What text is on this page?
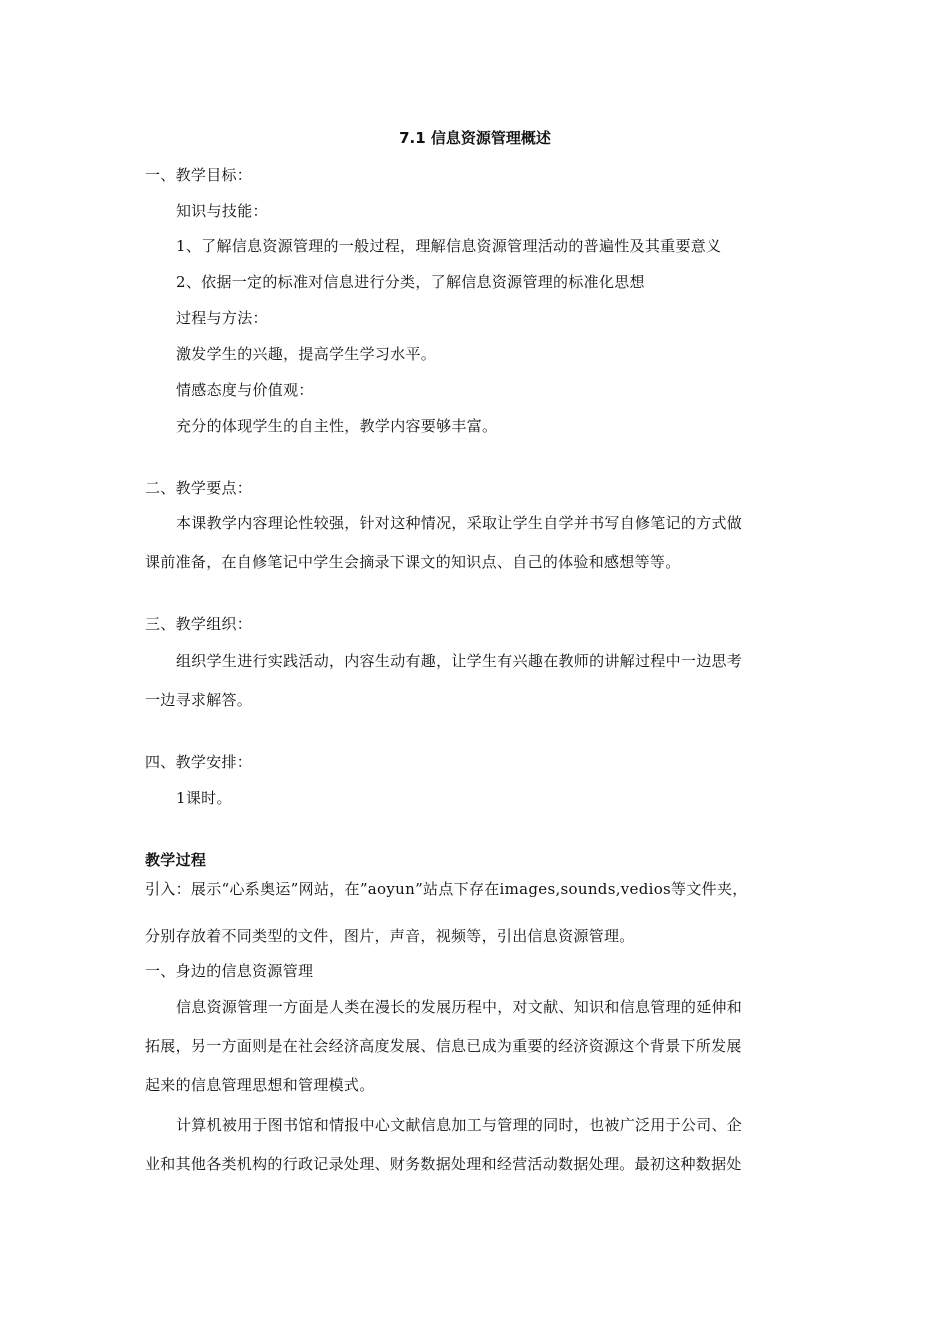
7.1 信息资源管理概述
一、教学目标：
知识与技能：
1、了解信息资源管理的一般过程，理解信息资源管理活动的普遍性及其重要意义
2、依据一定的标准对信息进行分类，了解信息资源管理的标准化思想
过程与方法：
激发学生的兴趣，提高学生学习水平。
情感态度与价值观：
充分的体现学生的自主性，教学内容要够丰富。
二、教学要点：
本课教学内容理论性较强，针对这种情况，采取让学生自学并书写自修笔记的方式做
课前准备，在自修笔记中学生会摘录下课文的知识点、自己的体验和感想等等。
三、教学组织：
组织学生进行实践活动，内容生动有趣，让学生有兴趣在教师的讲解过程中一边思考
一边寻求解答。
四、教学安排：
1课时。
教学过程
引入：展示“心系奥运”网站，在”aoyun”站点下存在images,sounds,vedios等文件夹，
分别存放着不同类型的文件，图片，声音，视频等，引出信息资源管理。
一、身边的信息资源管理
信息资源管理一方面是人类在漫长的发展历程中，对文献、知识和信息管理的延伸和
拓展，另一方面则是在社会经济高度发展、信息已成为重要的经济资源这个背景下所发展
起来的信息管理思想和管理模式。
计算机被用于图书馆和情报中心文献信息加工与管理的同时，也被广泛用于公司、企
业和其他各类机构的行政记录处理、财务数据处理和经营活动数据处理。最初这种数据处
